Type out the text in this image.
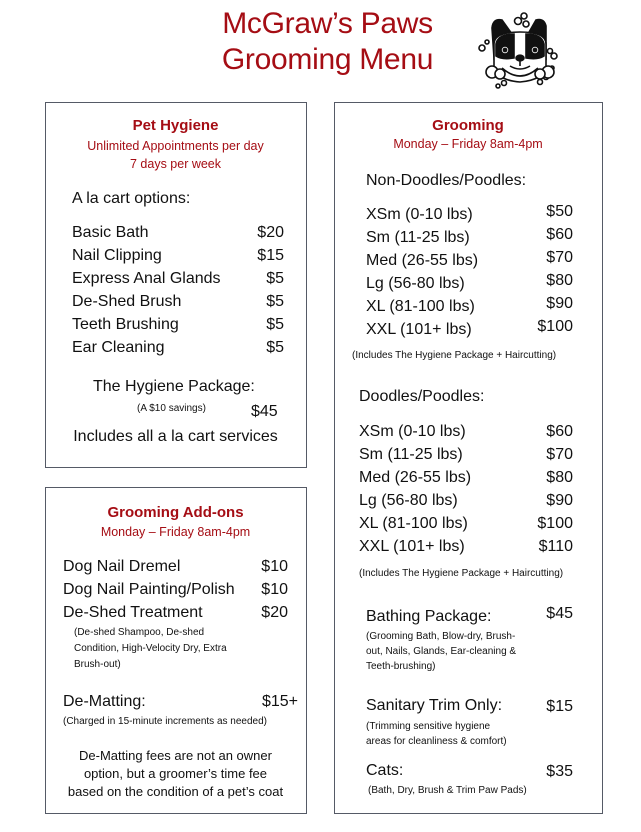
McGraw’s Paws
Grooming Menu
Pet Hygiene
Unlimited Appointments per day
7 days per week
A la cart options:
Basic Bath	$20
Nail Clipping	$15
Express Anal Glands	$5
De-Shed Brush	$5
Teeth Brushing	$5
Ear Cleaning	$5
The Hygiene Package:
(A $10 savings)	$45
Includes all a la cart services
Grooming Add-ons
Monday – Friday 8am-4pm
Dog Nail Dremel	$10
Dog Nail Painting/Polish $10
De-Shed Treatment	$20
(De-shed Shampoo, De-shed
Condition, High-Velocity Dry, Extra
Brush-out)
De-Matting:	$15+
(Charged in 15-minute increments as needed)
De-Matting fees are not an owner
option, but a groomer’s time fee
based on the condition of a pet’s coat
Grooming
Monday – Friday 8am-4pm
Non-Doodles/Poodles:
XSm (0-10 lbs)	$50
Sm (11-25 lbs)	$60
Med (26-55 lbs)	$70
Lg (56-80 lbs)	$80
XL (81-100 lbs)	$90
XXL (101+ lbs)	$100
(Includes The Hygiene Package + Haircutting)
Doodles/Poodles:
XSm (0-10 lbs)	$60
Sm (11-25 lbs)	$70
Med (26-55 lbs)	$80
Lg (56-80 lbs)	$90
XL (81-100 lbs)	$100
XXL (101+ lbs)	$110
(Includes The Hygiene Package + Haircutting)
Bathing Package:	$45
(Grooming Bath, Blow-dry, Brush-
out, Nails, Glands, Ear-cleaning &
Teeth-brushing)
Sanitary Trim Only:	$15
(Trimming sensitive hygiene
areas for cleanliness & comfort)
Cats:	$35
(Bath, Dry, Brush & Trim Paw Pads)
